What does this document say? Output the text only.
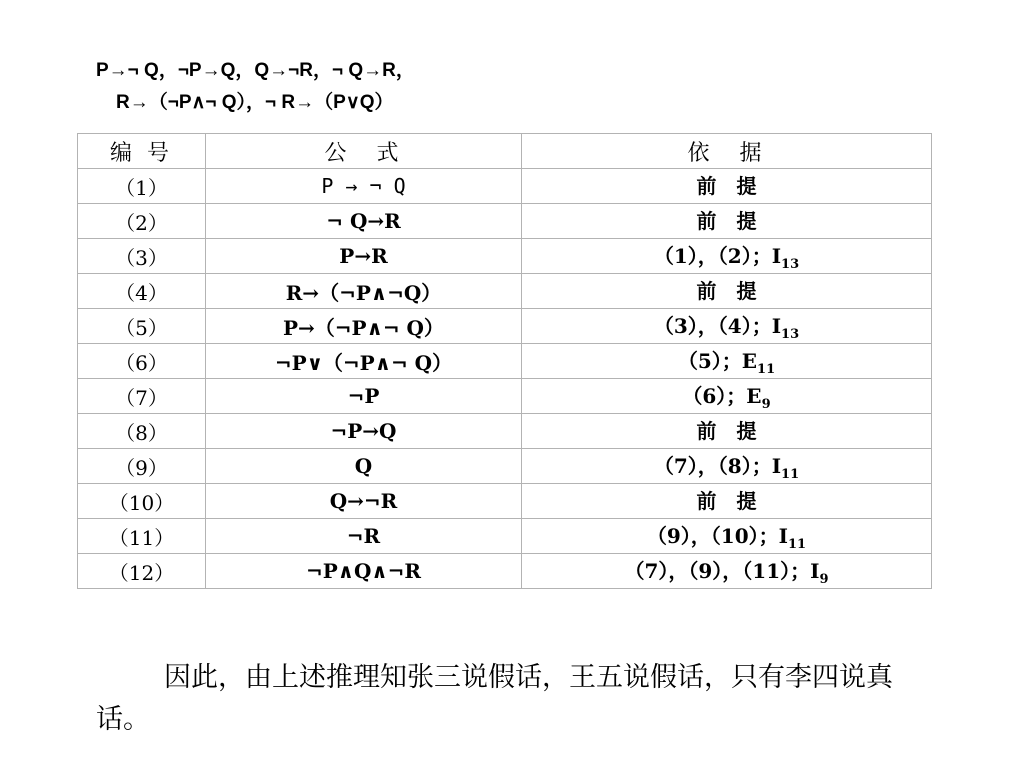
P→¬ Q，¬P→Q，Q→¬R，¬ Q→R，
R→（¬P∧¬ Q），¬ R→（P∨Q）
编 号	公　式	依　据
（1）	P → ¬ Q	前　提
（2）	¬ Q→R	前　提
（3）	P→R	（1），（2）；$I_{13}$
（4）	R→（¬P∧¬Q）	前　提
（5）	P→（¬P∧¬ Q）	（3），（4）；$I_{13}$
（6）	¬P∨（¬P∧¬ Q）	（5）；$E_{11}$
（7）	¬P	（6）；$E_9$
（8）	¬P→Q	前　提
（9）	Q	（7），（8）；$I_{11}$
（10）	Q→¬R	前　提
（11）	¬R	（9），（10）；$I_{11}$
（12）	¬P∧Q∧¬R	（7），（9），（11）；$I_9$

因此，由上述推理知张三说假话，王五说假话，只有李四说真话。
